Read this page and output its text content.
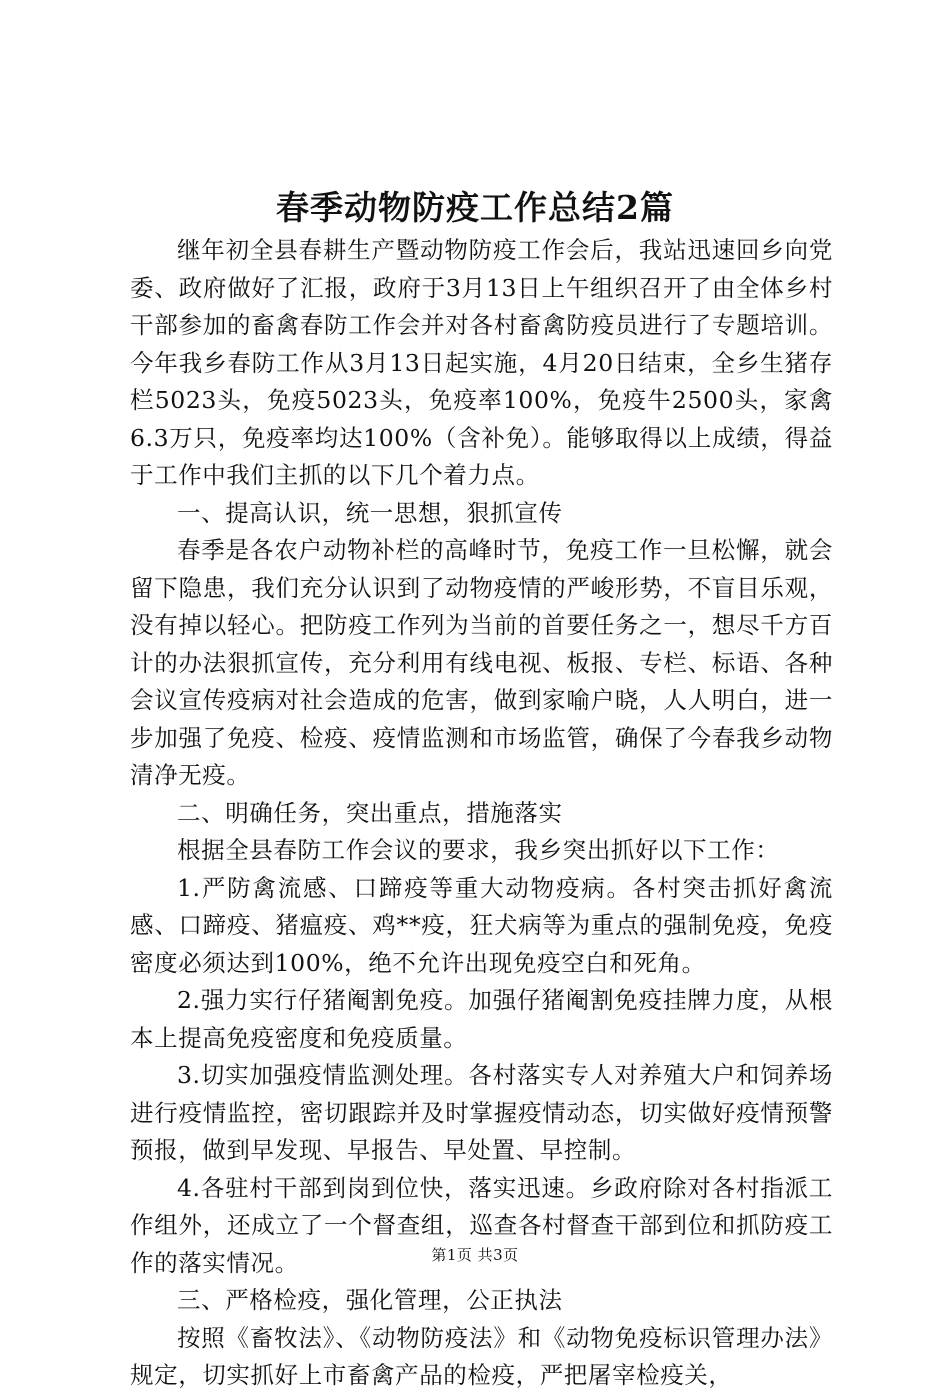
春季动物防疫工作总结2篇

继年初全县春耕生产暨动物防疫工作会后，我站迅速回乡向党委、政府做好了汇报，政府于3月13日上午组织召开了由全体乡村干部参加的畜禽春防工作会并对各村畜禽防疫员进行了专题培训。今年我乡春防工作从3月13日起实施，4月20日结束，全乡生猪存栏5023头，免疫5023头，免疫率100%，免疫牛2500头，家禽6.3万只，免疫率均达100%（含补免）。能够取得以上成绩，得益于工作中我们主抓的以下几个着力点。

一、提高认识，统一思想，狠抓宣传

春季是各农户动物补栏的高峰时节，免疫工作一旦松懈，就会留下隐患，我们充分认识到了动物疫情的严峻形势，不盲目乐观，没有掉以轻心。把防疫工作列为当前的首要任务之一，想尽千方百计的办法狠抓宣传，充分利用有线电视、板报、专栏、标语、各种会议宣传疫病对社会造成的危害，做到家喻户晓，人人明白，进一步加强了免疫、检疫、疫情监测和市场监管，确保了今春我乡动物清净无疫。

二、明确任务，突出重点，措施落实

根据全县春防工作会议的要求，我乡突出抓好以下工作：

1.严防禽流感、口蹄疫等重大动物疫病。各村突击抓好禽流感、口蹄疫、猪瘟疫、鸡**疫，狂犬病等为重点的强制免疫，免疫密度必须达到100%，绝不允许出现免疫空白和死角。

2.强力实行仔猪阉割免疫。加强仔猪阉割免疫挂牌力度，从根本上提高免疫密度和免疫质量。

3.切实加强疫情监测处理。各村落实专人对养殖大户和饲养场进行疫情监控，密切跟踪并及时掌握疫情动态，切实做好疫情预警预报，做到早发现、早报告、早处置、早控制。

4.各驻村干部到岗到位快，落实迅速。乡政府除对各村指派工作组外，还成立了一个督查组，巡查各村督查干部到位和抓防疫工作的落实情况。

三、严格检疫，强化管理，公正执法

按照《畜牧法》、《动物防疫法》和《动物免疫标识管理办法》规定，切实抓好上市畜禽产品的检疫，严把屠宰检疫关，

第1页 共3页
